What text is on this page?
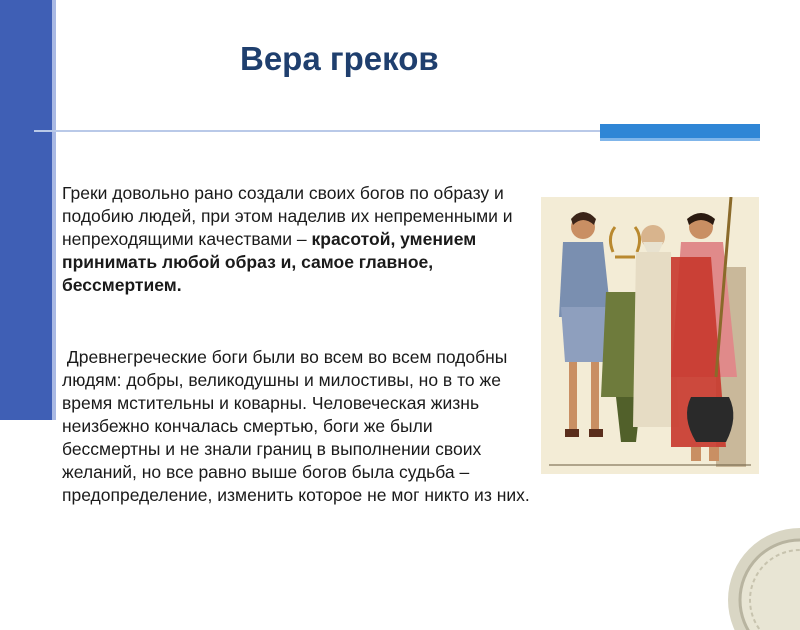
Вера греков
Греки довольно рано создали своих богов по образу и подобию людей, при этом наделив их непременными и непреходящими качествами – красотой, умением принимать любой образ и, самое главное, бессмертием.
Древнегреческие боги были во всем во всем подобны людям: добры, великодушны и милостивы, но в то же время мстительны и коварны. Человеческая жизнь неизбежно кончалась смертью, боги же были бессмертны и не знали границ в выполнении своих желаний, но все равно выше богов была судьба – предопределение, изменить которое не мог никто из них.
